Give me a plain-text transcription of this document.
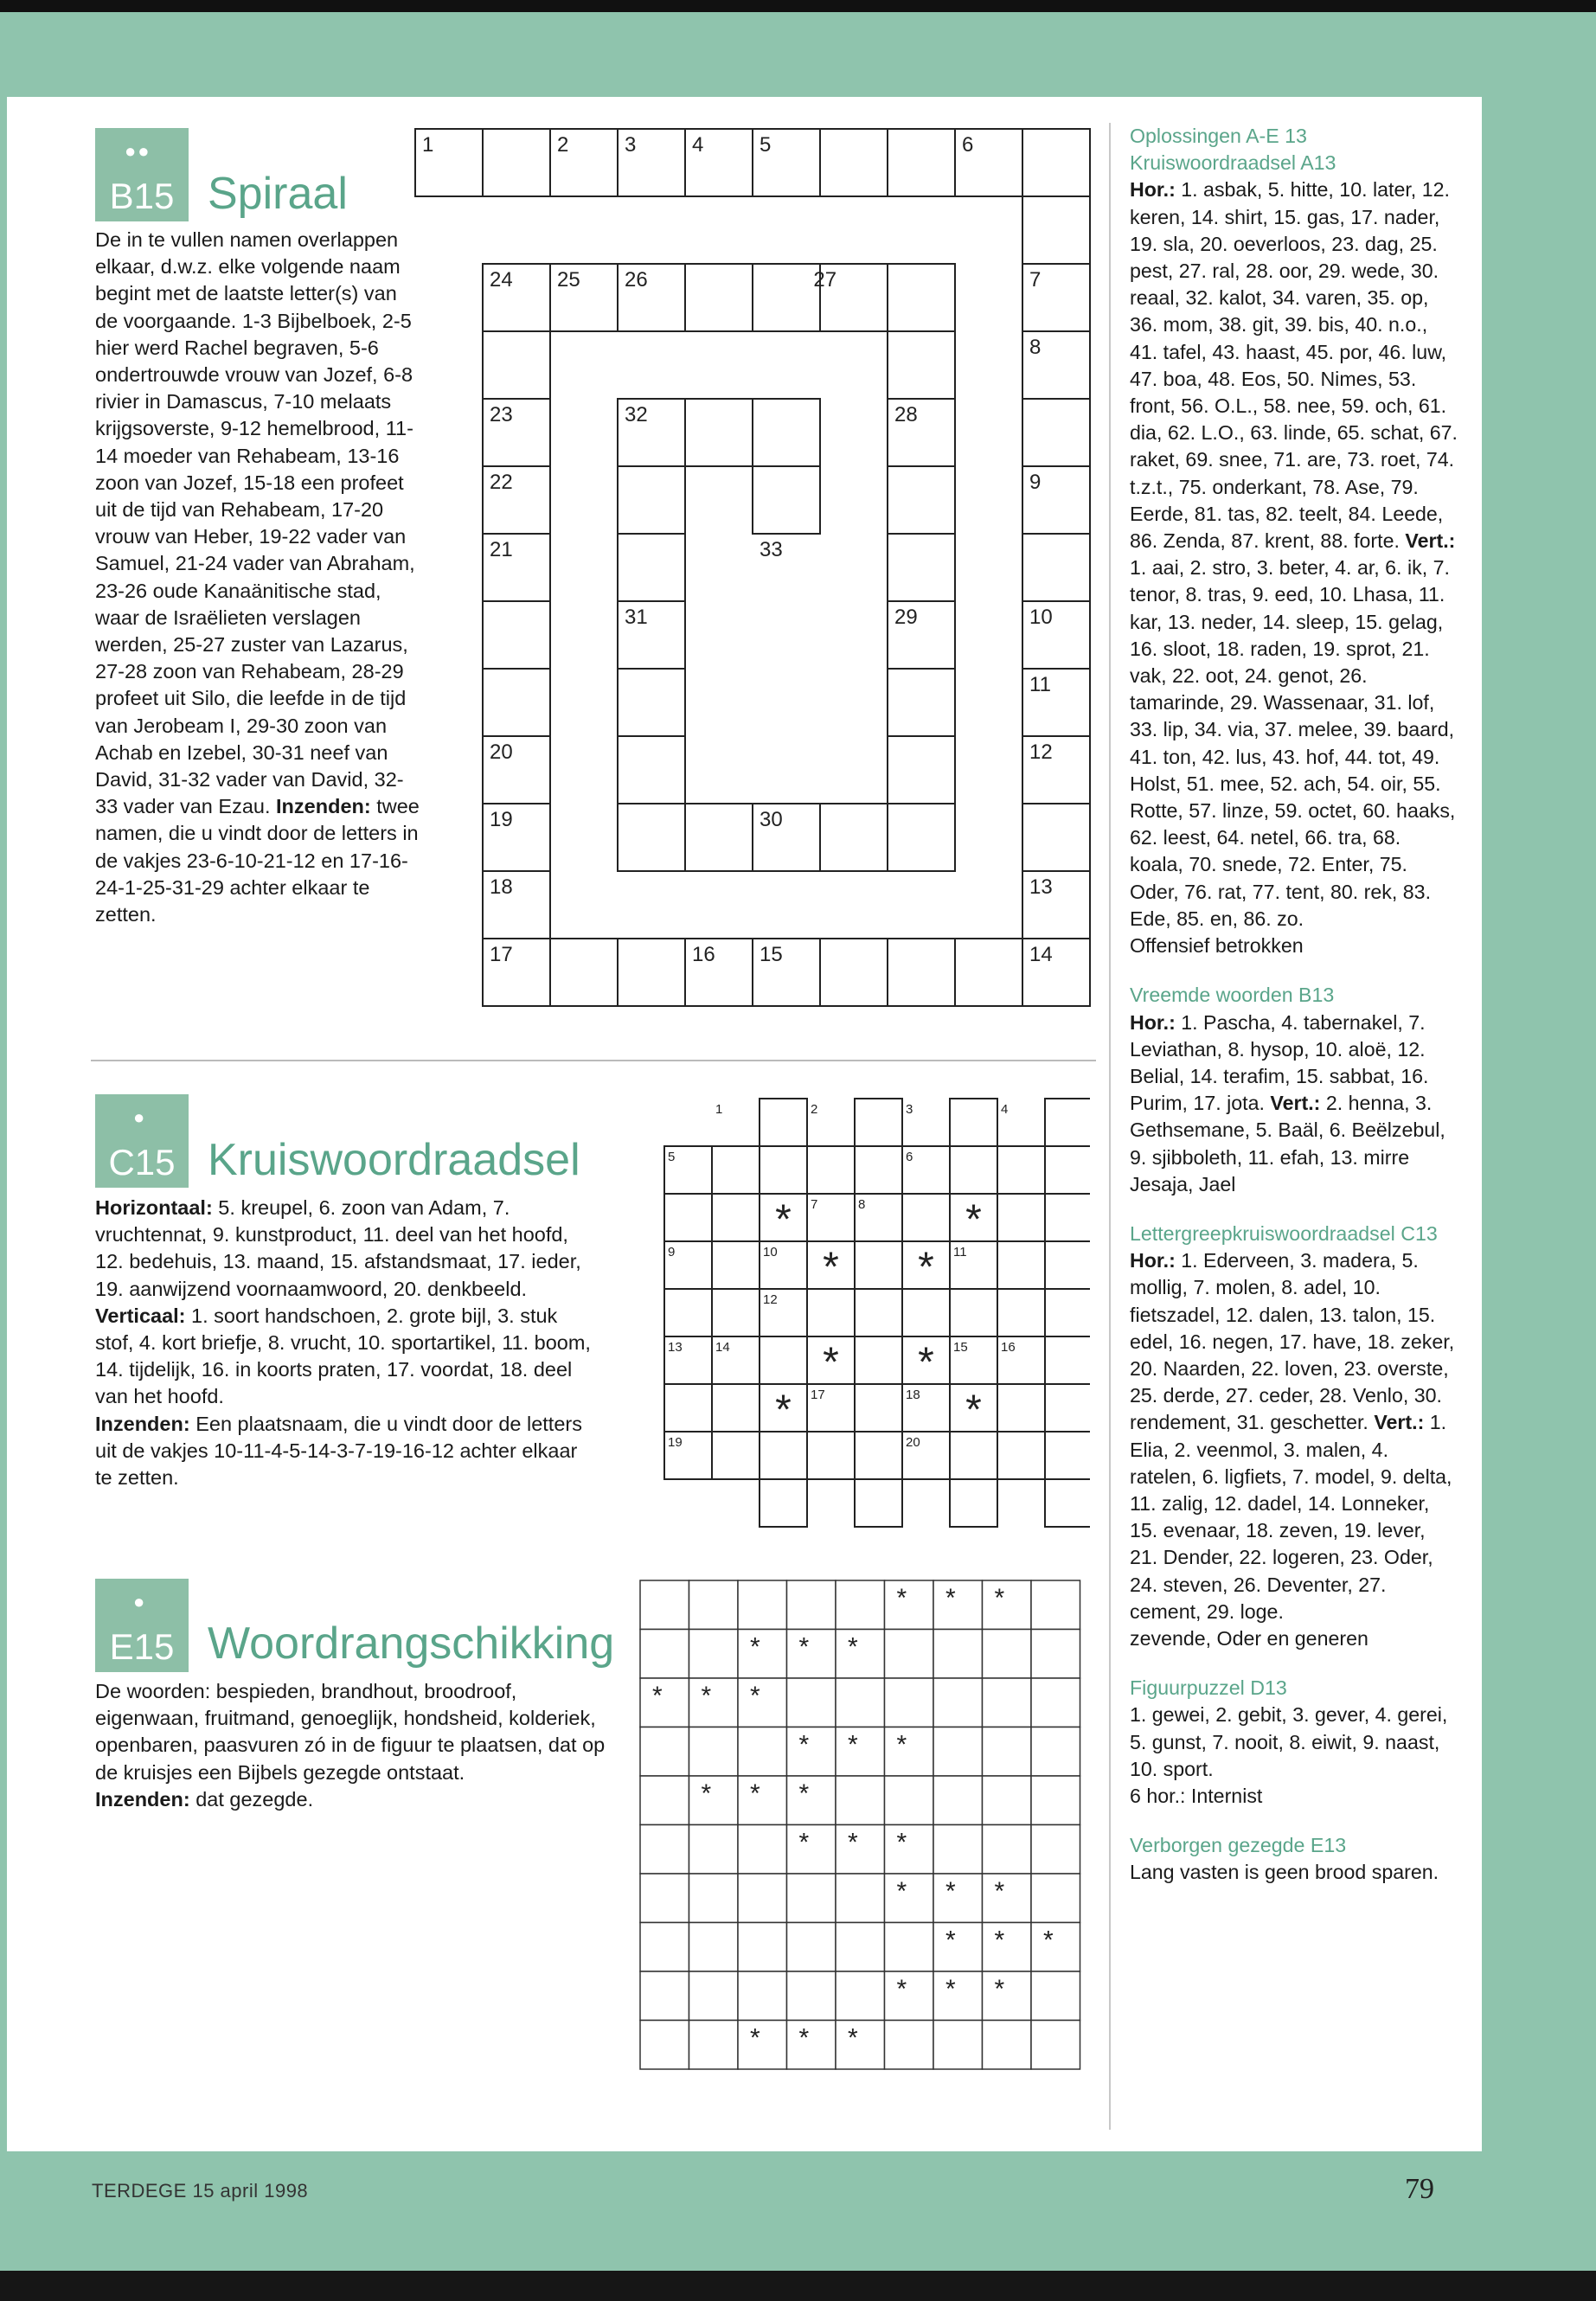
●●
B15 Spiraal
De in te vullen namen overlappen elkaar, d.w.z. elke volgende naam begint met de laatste letter(s) van de voorgaande. 1-3 Bijbelboek, 2-5 hier werd Rachel begraven, 5-6 ondertrouwde vrouw van Jozef, 6-8 rivier in Damascus, 7-10 melaats krijgsoverste, 9-12 hemelbrood, 11-14 moeder van Rehabeam, 13-16 zoon van Jozef, 15-18 een profeet uit de tijd van Rehabeam, 17-20 vrouw van Heber, 19-22 vader van Samuel, 21-24 vader van Abraham, 23-26 oude Kanaänitische stad, waar de Israëlieten verslagen werden, 25-27 zuster van Lazarus, 27-28 zoon van Rehabeam, 28-29 profeet uit Silo, die leefde in de tijd van Jerobeam I, 29-30 zoon van Achab en Izebel, 30-31 neef van David, 31-32 vader van David, 32-33 vader van Ezau. Inzenden: twee namen, die u vindt door de letters in de vakjes 23-6-10-21-12 en 17-16-24-1-25-31-29 achter elkaar te zetten.
1	2	3	4	5	6
7
8
9
10
11
12
13
14
15
16
17
18
19
20
21
22
23
24 25 26	27
28
29
30
31
32
33
●
C15 Kruiswoordraadsel
Horizontaal: 5. kreupel, 6. zoon van Adam, 7. vruchtennat, 9. kunstproduct, 11. deel van het hoofd, 12. bedehuis, 13. maand, 15. afstandsmaat, 17. ieder, 19. aanwijzend voornaamwoord, 20. denkbeeld.
Verticaal: 1. soort handschoen, 2. grote bijl, 3. stuk stof, 4. kort briefje, 8. vrucht, 10. sportartikel, 11. boom, 14. tijdelijk, 16. in koorts praten, 17. voordat, 18. deel van het hoofd.
Inzenden: Een plaatsnaam, die u vindt door de letters uit de vakjes 10-11-4-5-14-3-7-19-16-12 achter elkaar te zetten.
1	2	3	4
5	6
7	8
9	10	11
12
13	14	15	16
17	18
19	20
*	*
* *
* *
*	*
●
E15 Woordrangschikking
De woorden: bespieden, brandhout, broodroof, eigenwaan, fruitmand, genoeglijk, hondsheid, kolderiek, openbaren, paasvuren zó in de figuur te plaatsen, dat op de kruisjes een Bijbels gezegde ontstaat.
Inzenden: dat gezegde.
* * *
* * *
* * *
* * *
* * *
* * *
* * *
* * *
* * *
* * *
Oplossingen A-E 13
Kruiswoordraadsel A13
Hor.: 1. asbak, 5. hitte, 10. later, 12. keren, 14. shirt, 15. gas, 17. nader, 19. sla, 20. oeverloos, 23. dag, 25. pest, 27. ral, 28. oor, 29. wede, 30. reaal, 32. kalot, 34. varen, 35. op, 36. mom, 38. git, 39. bis, 40. n.o., 41. tafel, 43. haast, 45. por, 46. luw, 47. boa, 48. Eos, 50. Nimes, 53. front, 56. O.L., 58. nee, 59. och, 61. dia, 62. L.O., 63. linde, 65. schat, 67. raket, 69. snee, 71. are, 73. roet, 74. t.z.t., 75. onderkant, 78. Ase, 79. Eerde, 81. tas, 82. teelt, 84. Leede, 86. Zenda, 87. krent, 88. forte. Vert.: 1. aai, 2. stro, 3. beter, 4. ar, 6. ik, 7. tenor, 8. tras, 9. eed, 10. Lhasa, 11. kar, 13. neder, 14. sleep, 15. gelag, 16. sloot, 18. raden, 19. sprot, 21. vak, 22. oot, 24. genot, 26. tamarinde, 29. Wassenaar, 31. lof, 33. lip, 34. via, 37. melee, 39. baard, 41. ton, 42. lus, 43. hof, 44. tot, 49. Holst, 51. mee, 52. ach, 54. oir, 55. Rotte, 57. linze, 59. octet, 60. haaks, 62. leest, 64. netel, 66. tra, 68. koala, 70. snede, 72. Enter, 75. Oder, 76. rat, 77. tent, 80. rek, 83. Ede, 85. en, 86. zo.
Offensief betrokken
Vreemde woorden B13
Hor.: 1. Pascha, 4. tabernakel, 7. Leviathan, 8. hysop, 10. aloë, 12. Belial, 14. terafim, 15. sabbat, 16. Purim, 17. jota. Vert.: 2. henna, 3. Gethsemane, 5. Baäl, 6. Beëlzebul, 9. sjibboleth, 11. efah, 13. mirre Jesaja, Jael
Lettergreepkruiswoordraadsel C13
Hor.: 1. Ederveen, 3. madera, 5. mollig, 7. molen, 8. adel, 10. fietszadel, 12. dalen, 13. talon, 15. edel, 16. negen, 17. have, 18. zeker, 20. Naarden, 22. loven, 23. overste, 25. derde, 27. ceder, 28. Venlo, 30. rendement, 31. geschetter. Vert.: 1. Elia, 2. veenmol, 3. malen, 4. ratelen, 6. ligfiets, 7. model, 9. delta, 11. zalig, 12. dadel, 14. Lonneker, 15. evenaar, 18. zeven, 19. lever, 21. Dender, 22. logeren, 23. Oder, 24. steven, 26. Deventer, 27. cement, 29. loge.
zevende, Oder en generen
Figuurpuzzel D13
1. gewei, 2. gebit, 3. gever, 4. gerei, 5. gunst, 7. nooit, 8. eiwit, 9. naast, 10. sport.
6 hor.: Internist
Verborgen gezegde E13
Lang vasten is geen brood sparen.
TERDEGE 15 april 1998	79
